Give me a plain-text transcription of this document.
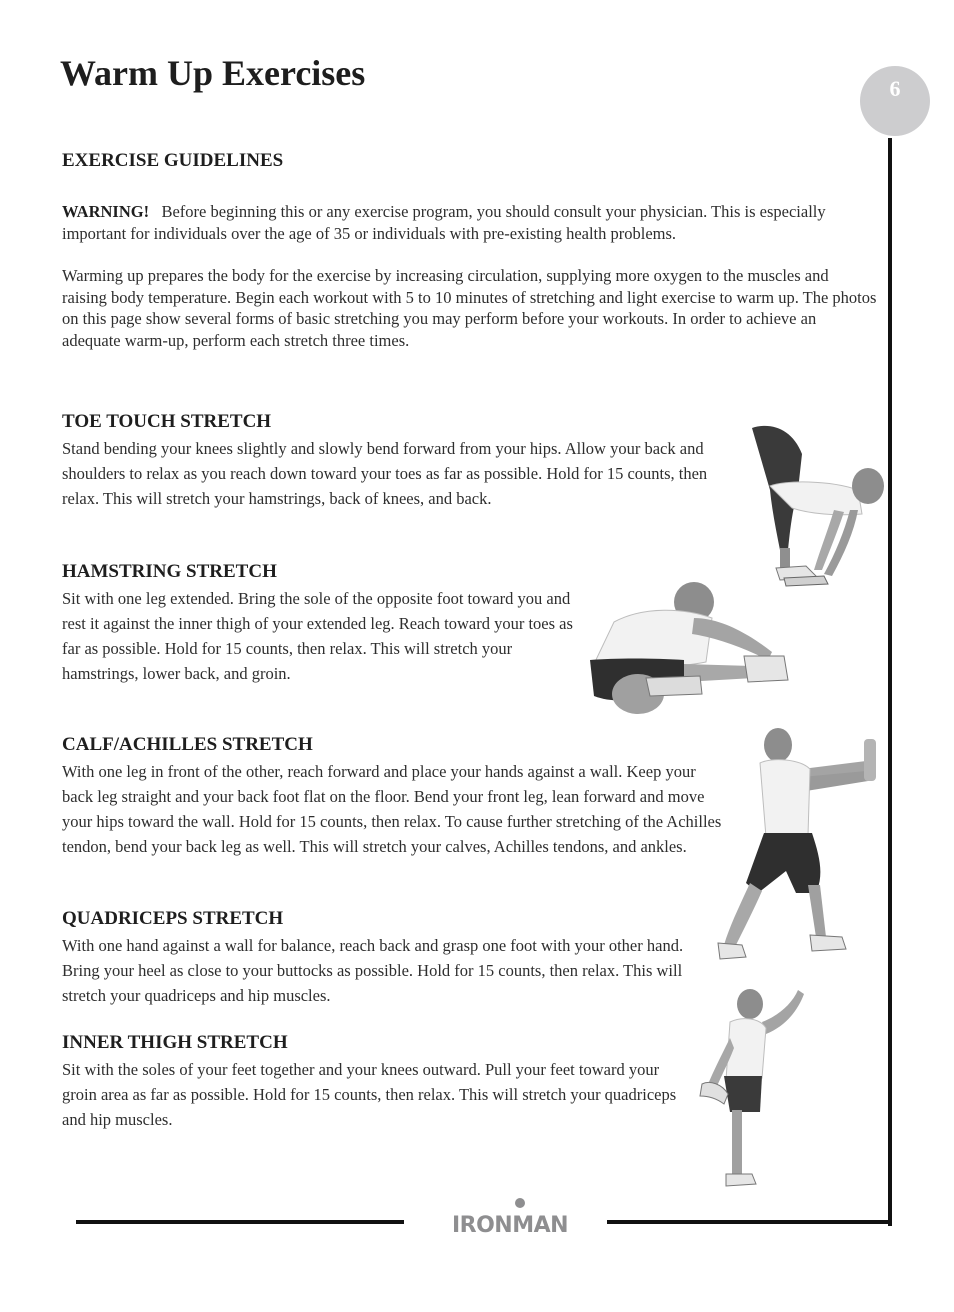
Warm Up Exercises	6
EXERCISE GUIDELINES

WARNING! Before beginning this or any exercise program, you should consult your physician. This is especially important for individuals over the age of 35 or individuals with pre-existing health problems.

Warming up prepares the body for the exercise by increasing circulation, supplying more oxygen to the muscles and raising body temperature. Begin each workout with 5 to 10 minutes of stretching and light exercise to warm up. The photos on this page show several forms of basic stretching you may perform before your workouts. In order to achieve an adequate warm-up, perform each stretch three times.

TOE TOUCH STRETCH

Stand bending your knees slightly and slowly bend forward from your hips. Allow your back and shoulders to relax as you reach down toward your toes as far as possible. Hold for 15 counts, then relax. This will stretch your hamstrings, back of knees, and back.

HAMSTRING STRETCH

Sit with one leg extended. Bring the sole of the opposite foot toward you and rest it against the inner thigh of your extended leg. Reach toward your toes as far as possible. Hold for 15 counts, then relax. This will stretch your hamstrings, lower back, and groin.

CALF/ACHILLES STRETCH

With one leg in front of the other, reach forward and place your hands against a wall. Keep your back leg straight and your back foot flat on the floor. Bend your front leg, lean forward and move your hips toward the wall. Hold for 15 counts, then relax. To cause further stretching of the Achilles tendon, bend your back leg as well. This will stretch your calves, Achilles tendons, and ankles.

QUADRICEPS STRETCH

With one hand against a wall for balance, reach back and grasp one foot with your other hand. Bring your heel as close to your buttocks as possible. Hold for 15 counts, then relax. This will stretch your quadriceps and hip muscles.

INNER THIGH STRETCH

Sit with the soles of your feet together and your knees outward. Pull your feet toward your groin area as far as possible. Hold for 15 counts, then relax. This will stretch your quadriceps and hip muscles.

IRONMAN
